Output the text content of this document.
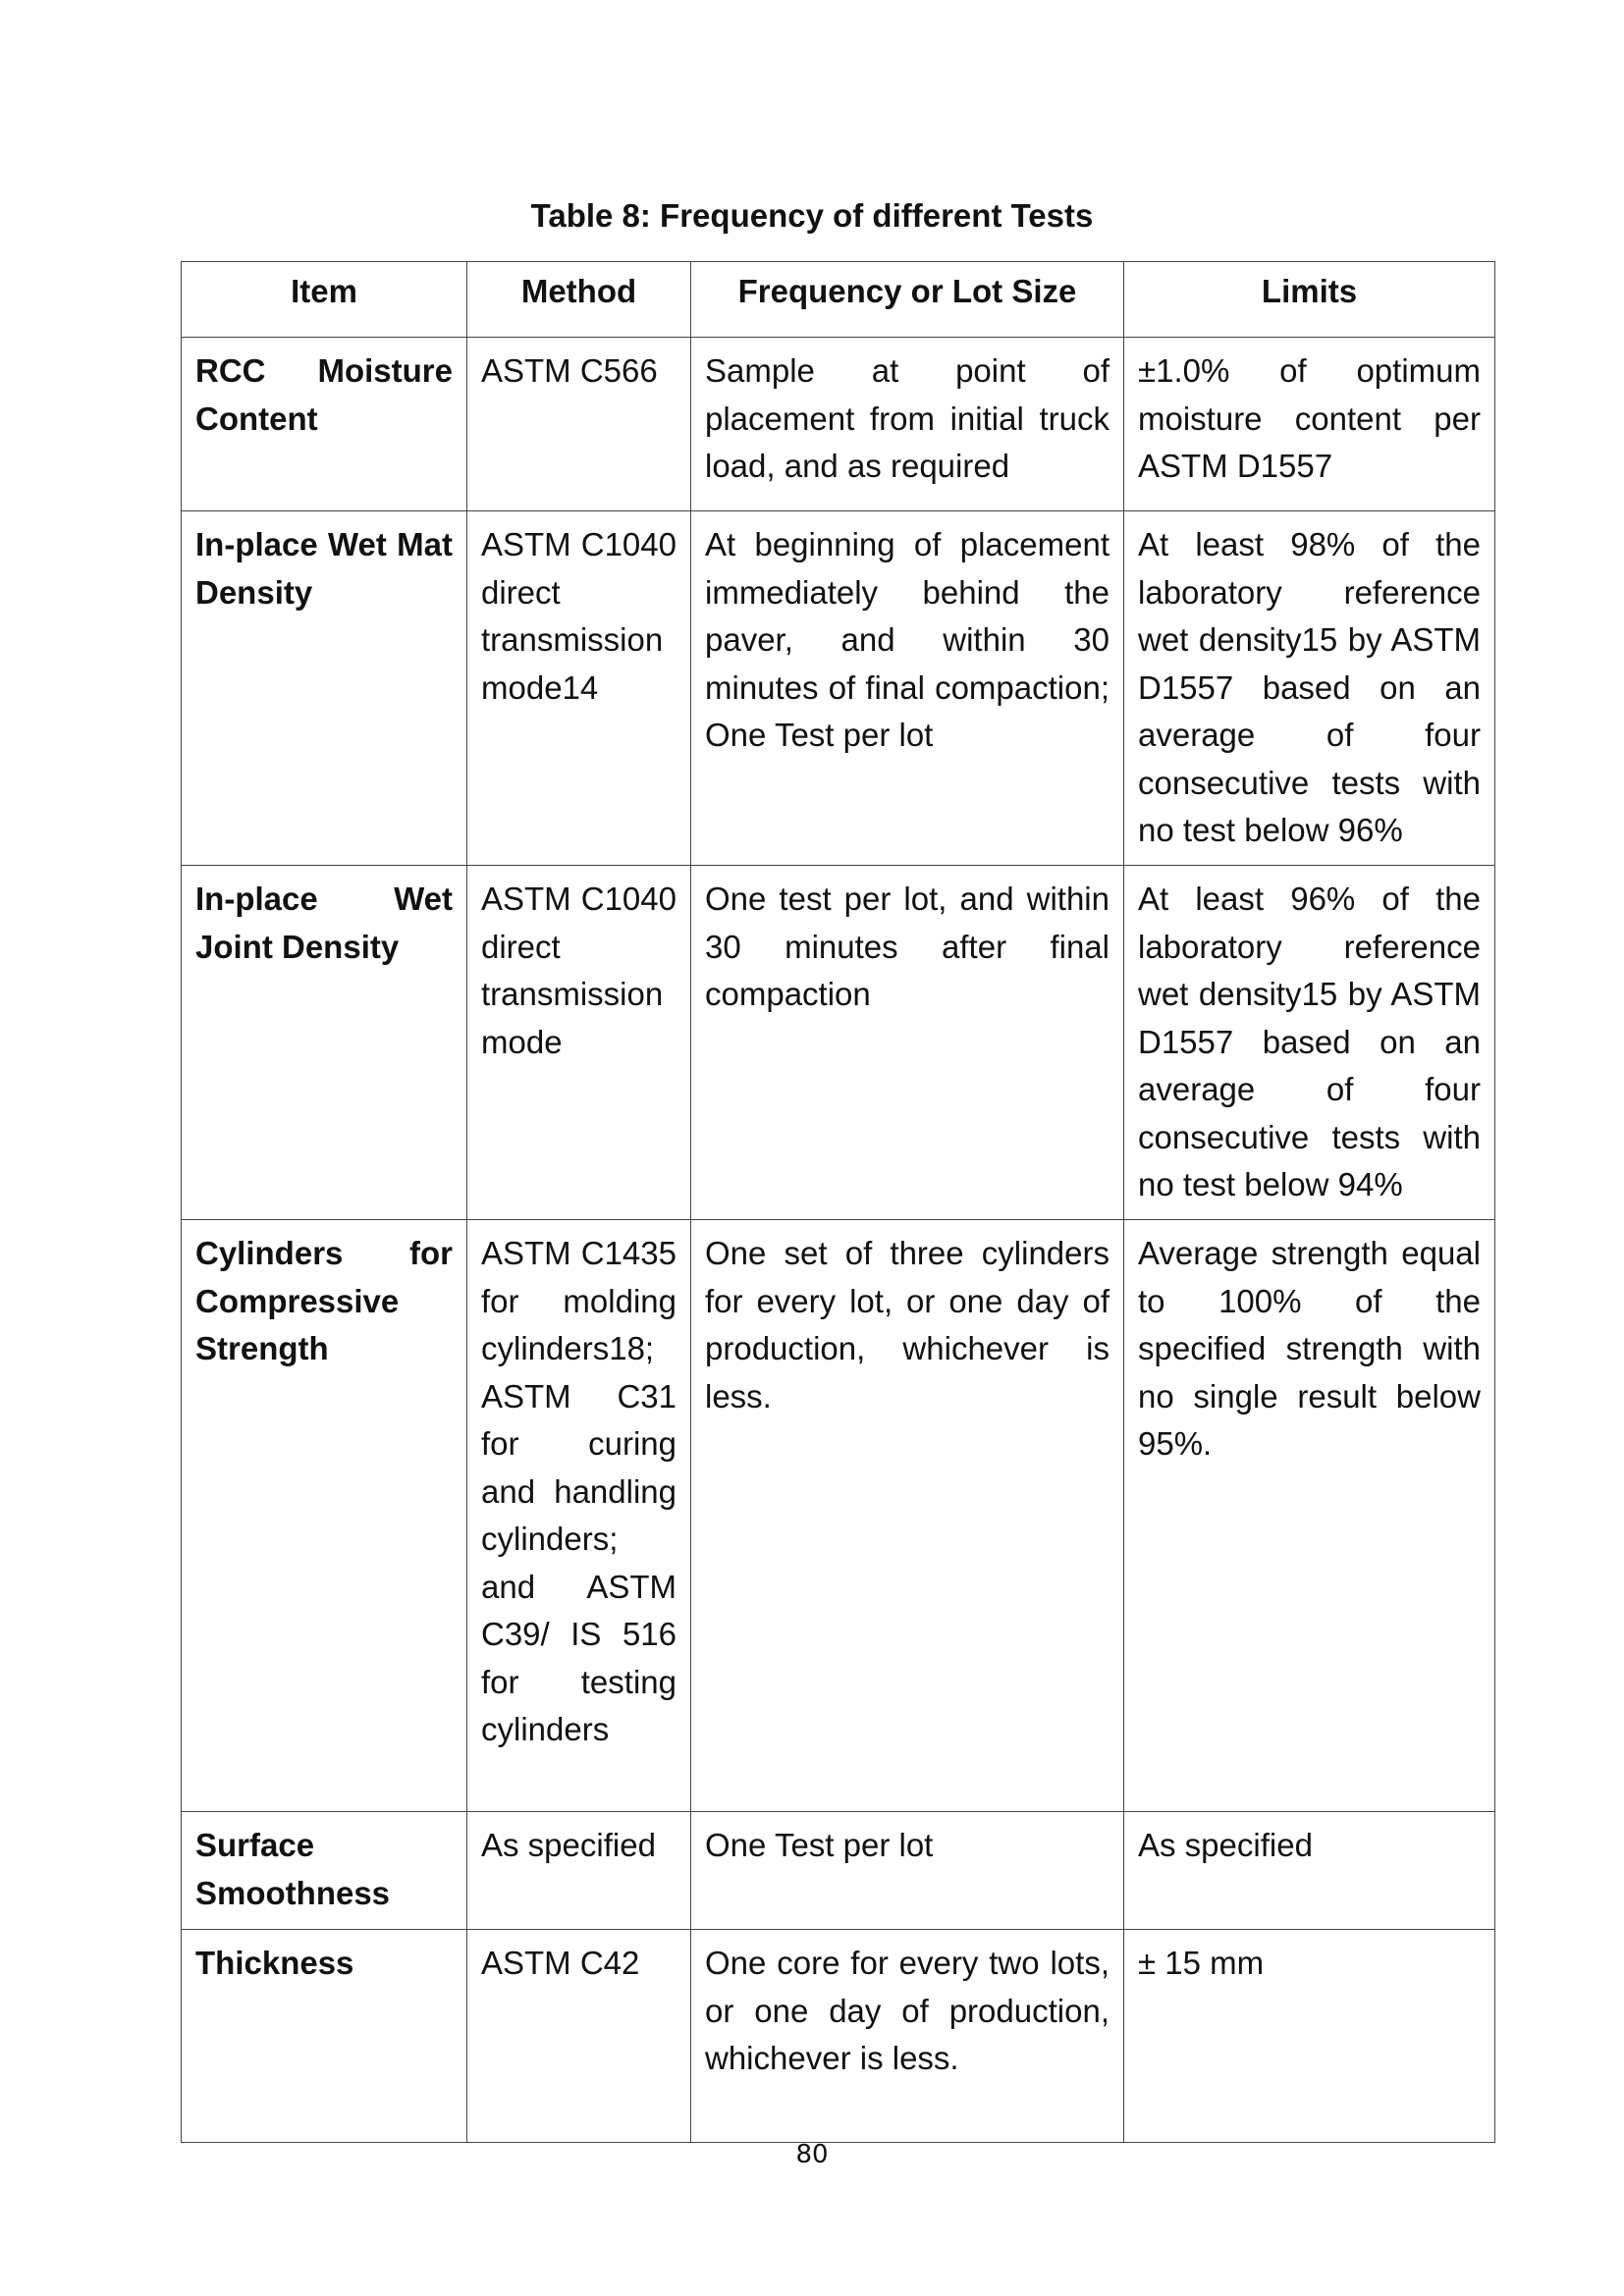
Table 8: Frequency of different Tests
Item	Method	Frequency or Lot Size	Limits
RCC Moisture Content	ASTM C566	Sample at point of placement from initial truck load, and as required	±1.0% of optimum moisture content per ASTM D1557
In-place Wet Mat Density	ASTM C1040 direct transmission mode14	At beginning of placement immediately behind the paver, and within 30 minutes of final compaction; One Test per lot	At least 98% of the laboratory reference wet density15 by ASTM D1557 based on an average of four consecutive tests with no test below 96%
In-place Wet Joint Density	ASTM C1040 direct transmission mode	One test per lot, and within 30 minutes after final compaction	At least 96% of the laboratory reference wet density15 by ASTM D1557 based on an average of four consecutive tests with no test below 94%
Cylinders for Compressive Strength	ASTM C1435 for molding cylinders18; ASTM C31 for curing and handling cylinders; and ASTM C39/ IS 516 for testing cylinders	One set of three cylinders for every lot, or one day of production, whichever is less.	Average strength equal to 100% of the specified strength with no single result below 95%.
Surface Smoothness	As specified	One Test per lot	As specified
Thickness	ASTM C42	One core for every two lots, or one day of production, whichever is less.	± 15 mm

80
